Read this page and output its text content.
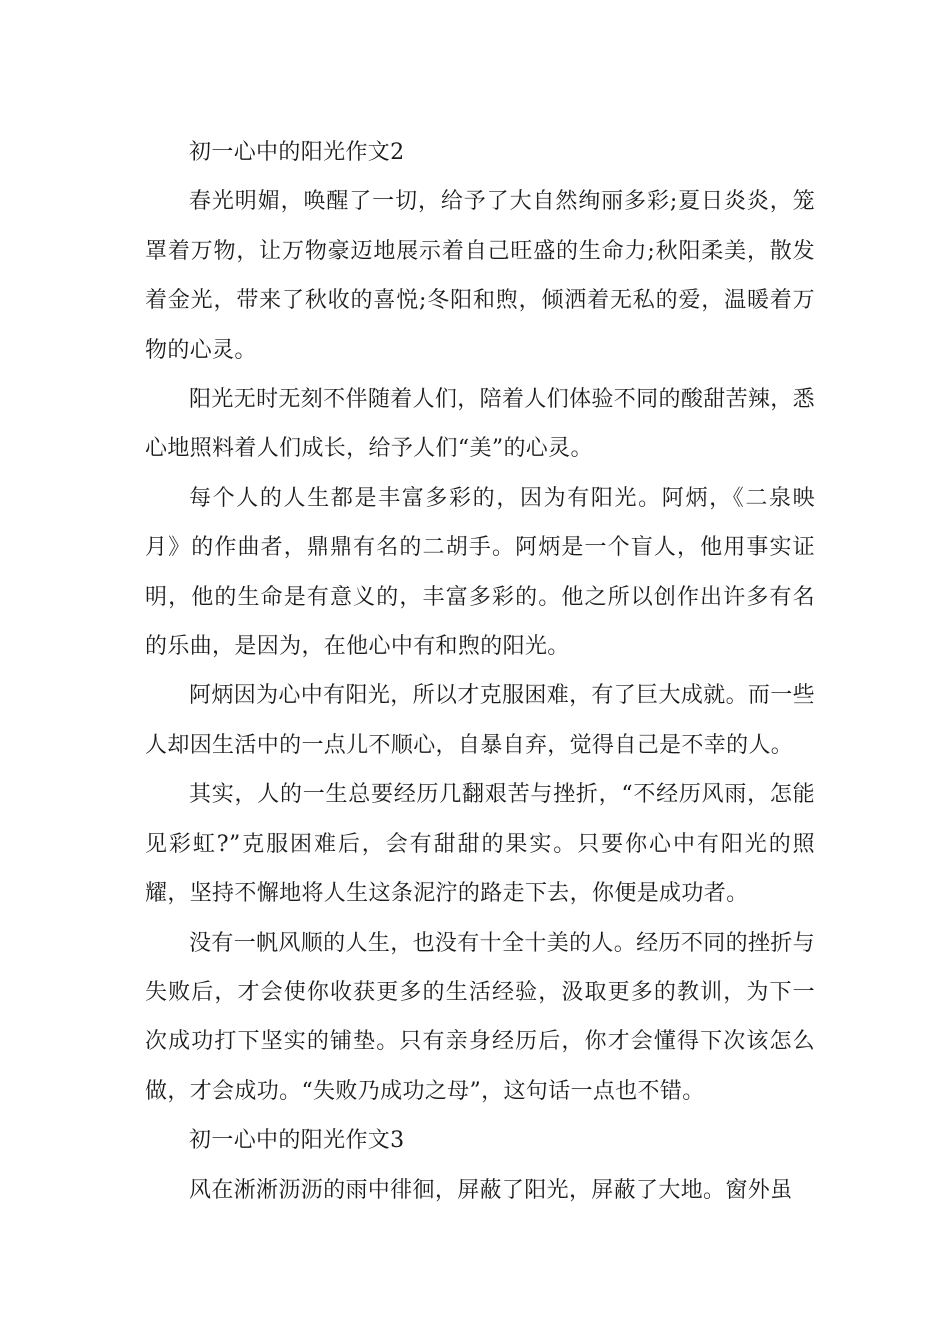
初一心中的阳光作文2

春光明媚，唤醒了一切，给予了大自然绚丽多彩;夏日炎炎，笼罩着万物，让万物豪迈地展示着自己旺盛的生命力;秋阳柔美，散发着金光，带来了秋收的喜悦;冬阳和煦，倾洒着无私的爱，温暖着万物的心灵。

阳光无时无刻不伴随着人们，陪着人们体验不同的酸甜苦辣，悉心地照料着人们成长，给予人们“美”的心灵。

每个人的人生都是丰富多彩的，因为有阳光。阿炳，《二泉映月》的作曲者，鼎鼎有名的二胡手。阿炳是一个盲人，他用事实证明，他的生命是有意义的，丰富多彩的。他之所以创作出许多有名的乐曲，是因为，在他心中有和煦的阳光。

阿炳因为心中有阳光，所以才克服困难，有了巨大成就。而一些人却因生活中的一点儿不顺心，自暴自弃，觉得自己是不幸的人。

其实，人的一生总要经历几翻艰苦与挫折，“不经历风雨，怎能见彩虹?”克服困难后，会有甜甜的果实。只要你心中有阳光的照耀，坚持不懈地将人生这条泥泞的路走下去，你便是成功者。

没有一帆风顺的人生，也没有十全十美的人。经历不同的挫折与失败后，才会使你收获更多的生活经验，汲取更多的教训，为下一次成功打下坚实的铺垫。只有亲身经历后，你才会懂得下次该怎么做，才会成功。“失败乃成功之母”，这句话一点也不错。

初一心中的阳光作文3

风在淅淅沥沥的雨中徘徊，屏蔽了阳光，屏蔽了大地。窗外虽
